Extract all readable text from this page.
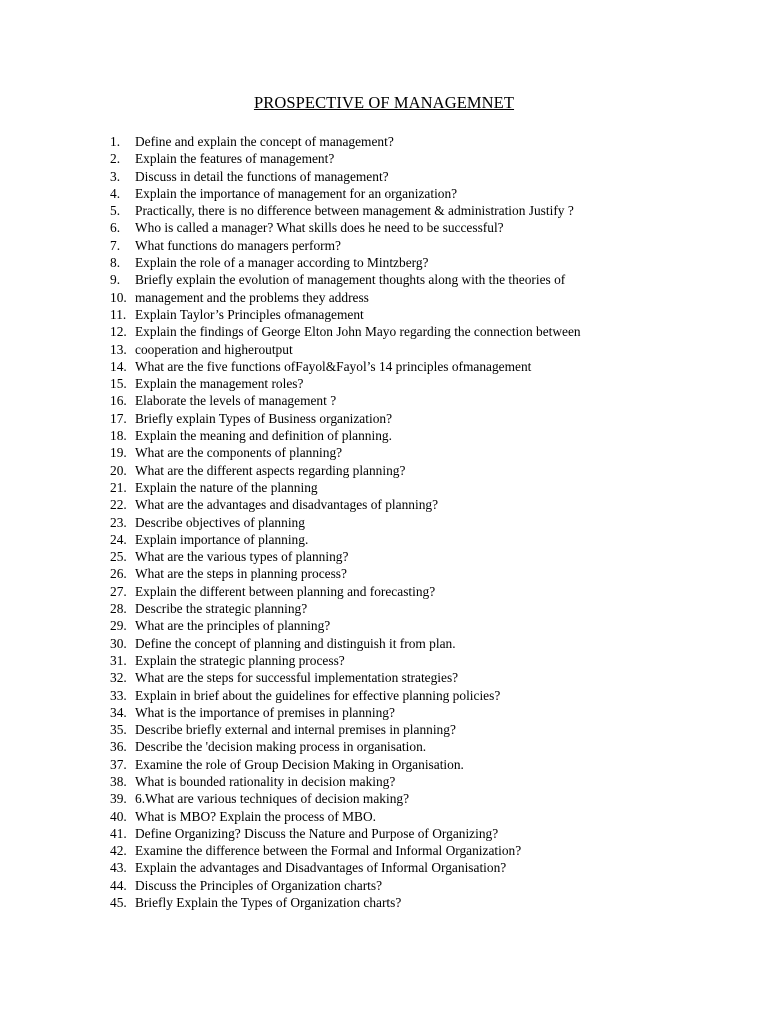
PROSPECTIVE OF MANAGEMNET
1.	Define and explain the concept of management?
2.	Explain the features of management?
3.	Discuss in detail the functions of management?
4.	Explain the importance of management for an organization?
5.	Practically, there is no difference between management & administration Justify ?
6.	Who is called a manager? What skills does he need to be successful?
7.	What functions do managers perform?
8.	Explain the role of a manager according to Mintzberg?
9.	Briefly explain the evolution of management thoughts along with the theories of
10. management and the problems they address
11. Explain Taylor’s Principles ofmanagement
12. Explain the findings of George Elton John Mayo regarding the connection between
13. cooperation and higheroutput
14. What are the five functions ofFayol&Fayol’s 14 principles ofmanagement
15. Explain the management roles?
16. Elaborate the levels of management ?
17. Briefly explain Types of Business organization?
18. Explain the meaning and definition of planning.
19. What are the components of planning?
20. What are the different aspects regarding planning?
21. Explain the nature of the planning
22. What are the advantages and disadvantages of planning?
23. Describe objectives of planning
24. Explain importance of planning.
25. What are the various types of planning?
26. What are the steps in planning process?
27. Explain the different between planning and forecasting?
28. Describe the strategic planning?
29. What are the principles of planning?
30. Define the concept of planning and distinguish it from plan.
31. Explain the strategic planning process?
32. What are the steps for successful implementation strategies?
33. Explain in brief about the guidelines for effective planning policies?
34. What is the importance of premises in planning?
35. Describe briefly external and internal premises in planning?
36. Describe the 'decision making process in organisation.
37. Examine the role of Group Decision Making in Organisation.
38. What is bounded rationality in decision making?
39. 6.What are various techniques of decision making?
40. What is MBO? Explain the process of MBO.
41. Define Organizing? Discuss the Nature and Purpose of Organizing?
42. Examine the difference between the Formal and Informal Organization?
43. Explain the advantages and Disadvantages of Informal Organisation?
44. Discuss the Principles of Organization charts?
45. Briefly Explain the Types of Organization charts?
